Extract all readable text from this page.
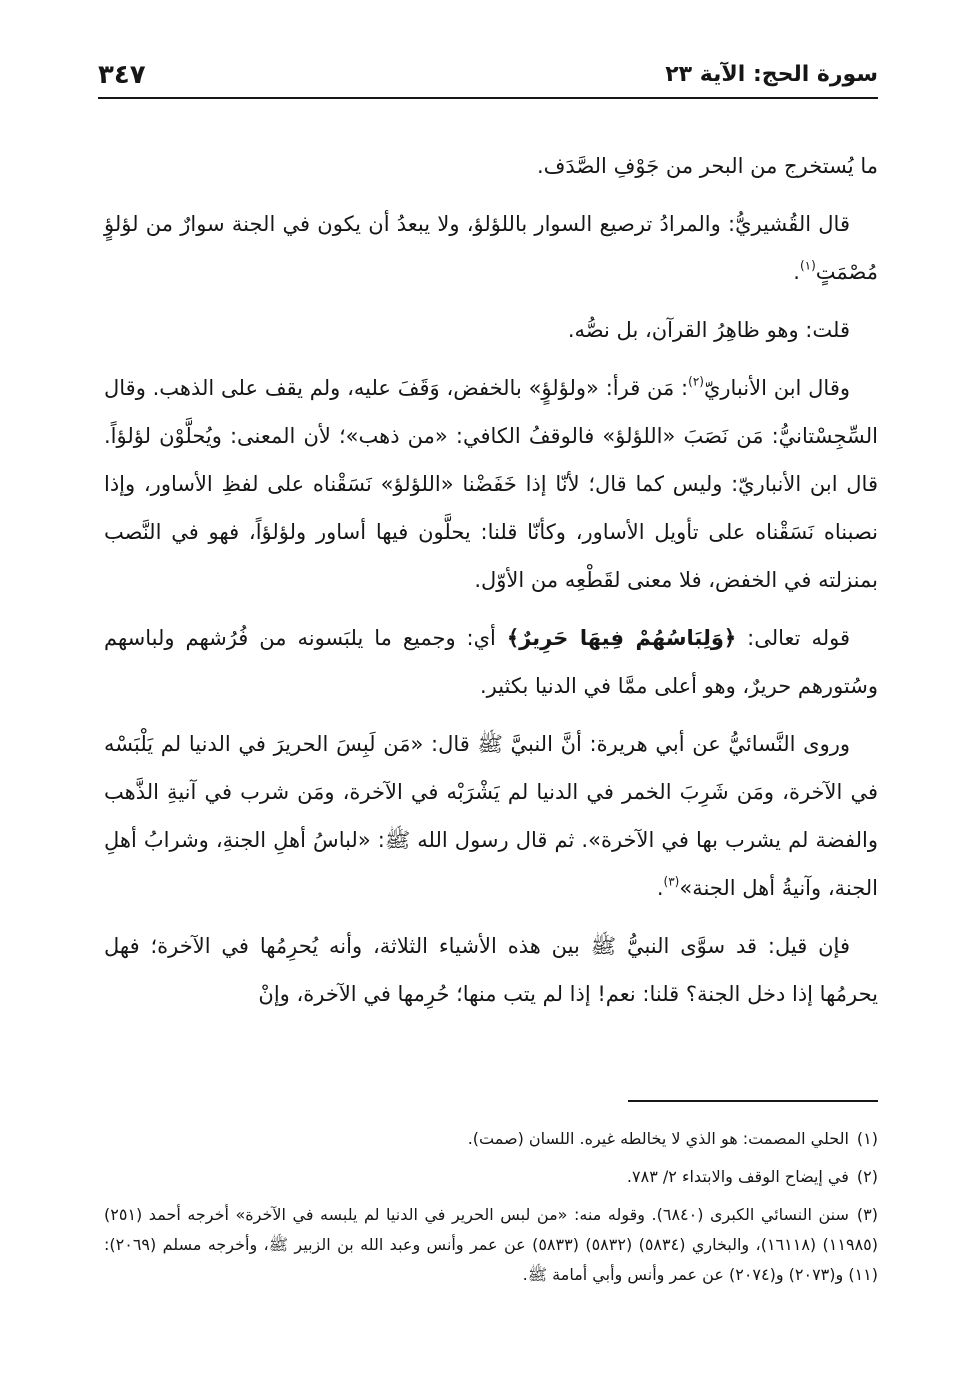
سورة الحج: الآية ٢٣
٣٤٧

ما يُستخرج من البحر من جَوْفِ الصَّدَف.

قال القُشيريُّ: والمرادُ ترصيع السوار باللؤلؤ، ولا يبعدُ أن يكون في الجنة سوارٌ من لؤلؤٍ مُصْمَتٍ$^{(١)}$.

قلت: وهو ظاهِرُ القرآن، بل نصُّه.

وقال ابن الأنباريّ$^{(٢)}$: مَن قرأ: «ولؤلؤٍ» بالخفض، وَقَفَ عليه، ولم يقف على الذهب. وقال السِّجِسْتانيُّ: مَن نَصَبَ «اللؤلؤ» فالوقفُ الكافي: «من ذهب»؛ لأن المعنى: ويُحلَّوْن لؤلؤاً. قال ابن الأنباريّ: وليس كما قال؛ لأنّا إذا خَفَضْنا «اللؤلؤ» نَسَقْناه على لفظِ الأساور، وإذا نصبناه نَسَقْناه على تأويل الأساور، وكأنّا قلنا: يحلَّون فيها أساور ولؤلؤاً، فهو في النَّصب بمنزلته في الخفض، فلا معنى لقَطْعِه من الأوّل.

قوله تعالى: ﴿وَلِبَاسُهُمْ فِيهَا حَرِيرٌ﴾ أي: وجميع ما يلبَسونه من فُرُشهم ولباسهم وسُتورهم حريرٌ، وهو أعلى ممَّا في الدنيا بكثير.

وروى النَّسائيُّ عن أبي هريرة: أنَّ النبيَّ ﷺ قال: «مَن لَبِسَ الحريرَ في الدنيا لم يَلْبَسْه في الآخرة، ومَن شَرِبَ الخمر في الدنيا لم يَشْرَبْه في الآخرة، ومَن شرب في آنيةِ الذَّهب والفضة لم يشرب بها في الآخرة». ثم قال رسول الله ﷺ: «لباسُ أهلِ الجنةِ، وشرابُ أهلِ الجنة، وآنيةُ أهل الجنة»$^{(٣)}$.

فإن قيل: قد سوَّى النبيُّ ﷺ بين هذه الأشياء الثلاثة، وأنه يُحرِمُها في الآخرة؛ فهل يحرمُها إذا دخل الجنة؟ قلنا: نعم! إذا لم يتب منها؛ حُرِمها في الآخرة، وإنْ

(١)الحلي المصمت: هو الذي لا يخالطه غيره. اللسان (صمت).
(٢)في إيضاح الوقف والابتداء ٢/ ٧٨٣.
(٣)سنن النسائي الكبرى (٦٨٤٠). وقوله منه: «من لبس الحرير في الدنيا لم يلبسه في الآخرة» أخرجه أحمد (٢٥١) (١١٩٨٥) (١٦١١٨)، والبخاري (٥٨٣٤) (٥٨٣٢) (٥٨٣٣) عن عمر وأنس وعبد الله بن الزبير ﷺ، وأخرجه مسلم (٢٠٦٩): (١١) و(٢٠٧٣) و(٢٠٧٤) عن عمر وأنس وأبي أمامة ﷺ.
